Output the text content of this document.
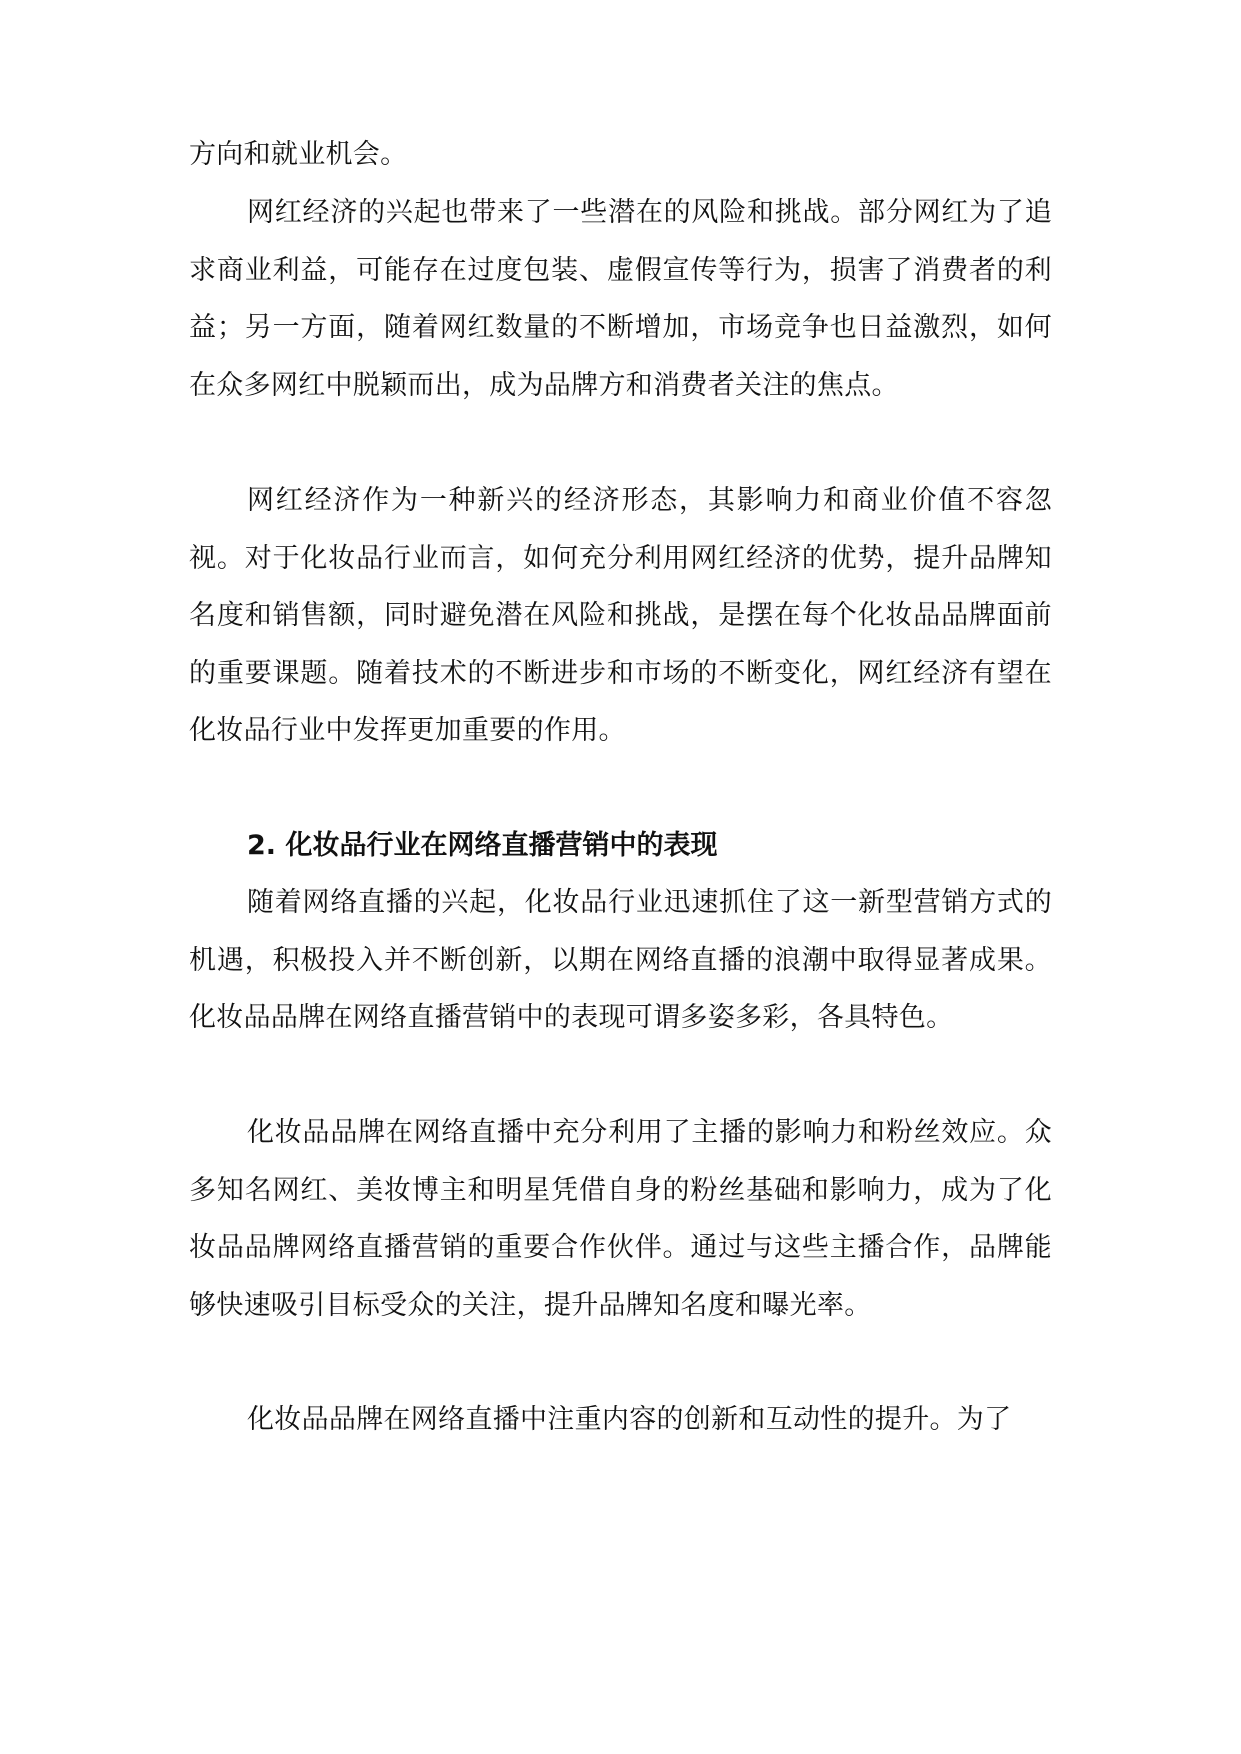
方向和就业机会。

网红经济的兴起也带来了一些潜在的风险和挑战。部分网红为了追求商业利益，可能存在过度包装、虚假宣传等行为，损害了消费者的利益；另一方面，随着网红数量的不断增加，市场竞争也日益激烈，如何在众多网红中脱颖而出，成为品牌方和消费者关注的焦点。

网红经济作为一种新兴的经济形态，其影响力和商业价值不容忽视。对于化妆品行业而言，如何充分利用网红经济的优势，提升品牌知名度和销售额，同时避免潜在风险和挑战，是摆在每个化妆品品牌面前的重要课题。随着技术的不断进步和市场的不断变化，网红经济有望在化妆品行业中发挥更加重要的作用。

2. 化妆品行业在网络直播营销中的表现

随着网络直播的兴起，化妆品行业迅速抓住了这一新型营销方式的机遇，积极投入并不断创新，以期在网络直播的浪潮中取得显著成果。化妆品品牌在网络直播营销中的表现可谓多姿多彩，各具特色。

化妆品品牌在网络直播中充分利用了主播的影响力和粉丝效应。众多知名网红、美妆博主和明星凭借自身的粉丝基础和影响力，成为了化妆品品牌网络直播营销的重要合作伙伴。通过与这些主播合作，品牌能够快速吸引目标受众的关注，提升品牌知名度和曝光率。

化妆品品牌在网络直播中注重内容的创新和互动性的提升。为了
